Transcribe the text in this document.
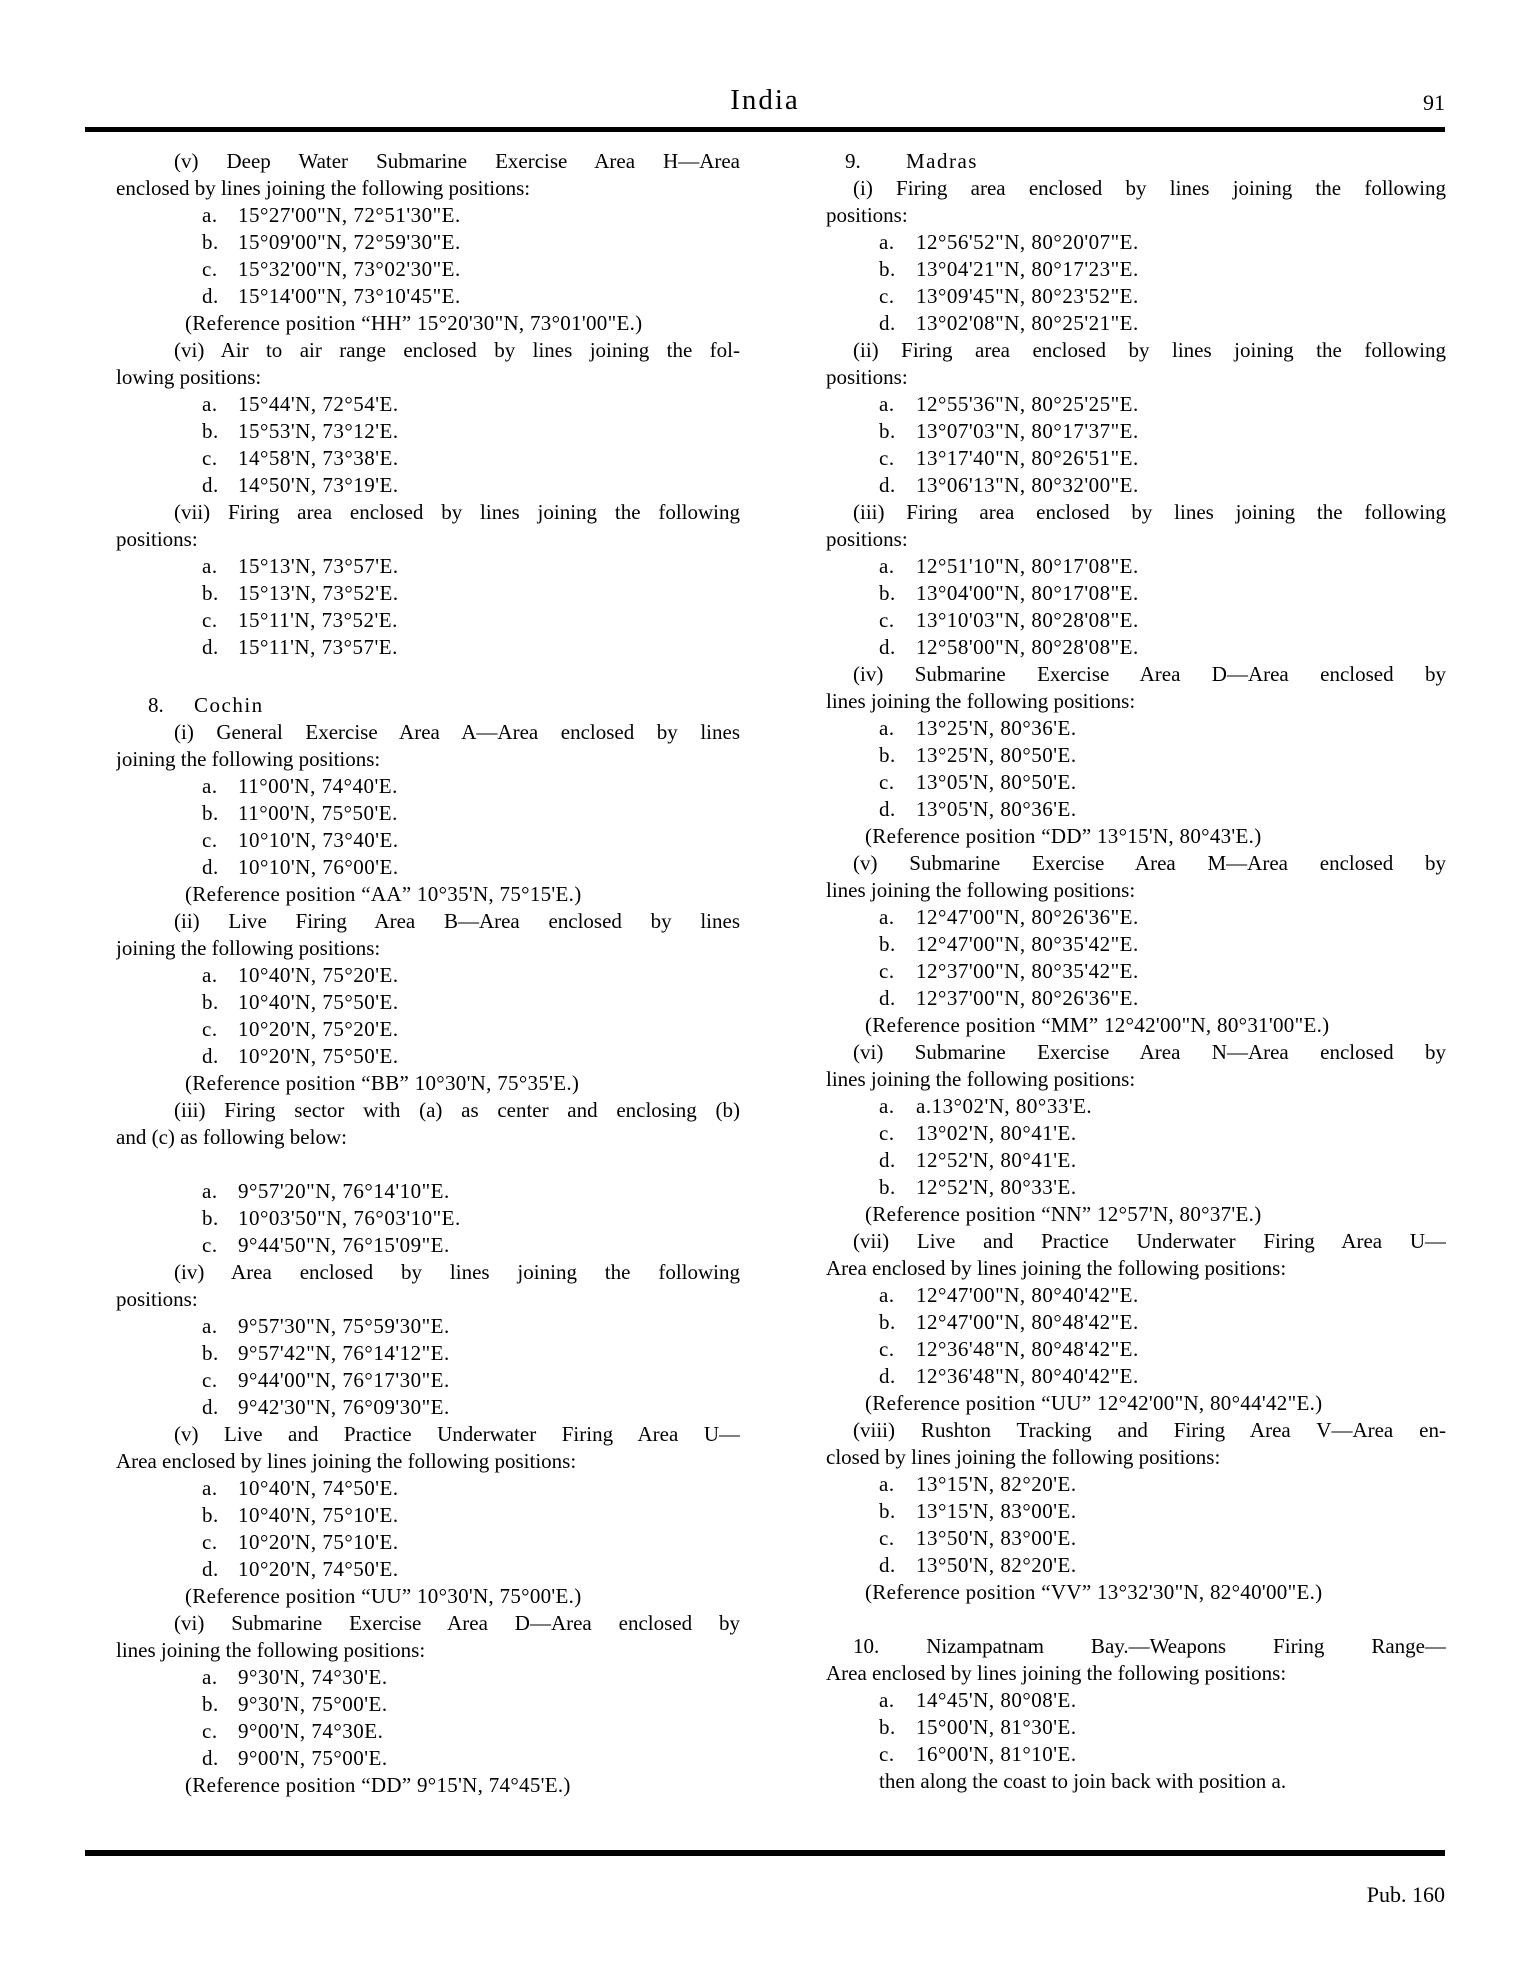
India	91
(v) Deep Water Submarine Exercise Area H—Area
enclosed by lines joining the following positions:
a. 15°27'00"N, 72°51'30"E.
b. 15°09'00"N, 72°59'30"E.
c. 15°32'00"N, 73°02'30"E.
d. 15°14'00"N, 73°10'45"E.
(Reference position “HH” 15°20'30"N, 73°01'00"E.)
(vi) Air to air range enclosed by lines joining the fol-
lowing positions:
a. 15°44'N, 72°54'E.
b. 15°53'N, 73°12'E.
c. 14°58'N, 73°38'E.
d. 14°50'N, 73°19'E.
(vii) Firing area enclosed by lines joining the following
positions:
a. 15°13'N, 73°57'E.
b. 15°13'N, 73°52'E.
c. 15°11'N, 73°52'E.
d. 15°11'N, 73°57'E.
8.	Cochin
(i) General Exercise Area A—Area enclosed by lines
joining the following positions:
a. 11°00'N, 74°40'E.
b. 11°00'N, 75°50'E.
c. 10°10'N, 73°40'E.
d. 10°10'N, 76°00'E.
(Reference position “AA” 10°35'N, 75°15'E.)
(ii) Live Firing Area B—Area enclosed by lines
joining the following positions:
a. 10°40'N, 75°20'E.
b. 10°40'N, 75°50'E.
c. 10°20'N, 75°20'E.
d. 10°20'N, 75°50'E.
(Reference position “BB” 10°30'N, 75°35'E.)
(iii) Firing sector with (a) as center and enclosing (b)
and (c) as following below:
a. 9°57'20"N, 76°14'10"E.
b. 10°03'50"N, 76°03'10"E.
c. 9°44'50"N, 76°15'09"E.
(iv) Area enclosed by lines joining the following
positions:
a. 9°57'30"N, 75°59'30"E.
b. 9°57'42"N, 76°14'12"E.
c. 9°44'00"N, 76°17'30"E.
d. 9°42'30"N, 76°09'30"E.
(v) Live and Practice Underwater Firing Area U—
Area enclosed by lines joining the following positions:
a. 10°40'N, 74°50'E.
b. 10°40'N, 75°10'E.
c. 10°20'N, 75°10'E.
d. 10°20'N, 74°50'E.
(Reference position “UU” 10°30'N, 75°00'E.)
(vi) Submarine Exercise Area D—Area enclosed by
lines joining the following positions:
a. 9°30'N, 74°30'E.
b. 9°30'N, 75°00'E.
c. 9°00'N, 74°30E.
d. 9°00'N, 75°00'E.
(Reference position “DD” 9°15'N, 74°45'E.)
9.	Madras
(i) Firing area enclosed by lines joining the following
positions:
a.	12°56'52"N, 80°20'07"E.
b. 13°04'21"N, 80°17'23"E.
c.	13°09'45"N, 80°23'52"E.
d. 13°02'08"N, 80°25'21"E.
(ii) Firing area enclosed by lines joining the following
positions:
a.	12°55'36"N, 80°25'25"E.
b. 13°07'03"N, 80°17'37"E.
c.	13°17'40"N, 80°26'51"E.
d. 13°06'13"N, 80°32'00"E.
(iii) Firing area enclosed by lines joining the following
positions:
a.	12°51'10"N, 80°17'08"E.
b. 13°04'00"N, 80°17'08"E.
c.	13°10'03"N, 80°28'08"E.
d. 12°58'00"N, 80°28'08"E.
(iv) Submarine Exercise Area D—Area enclosed by
lines joining the following positions:
a.	13°25'N, 80°36'E.
b. 13°25'N, 80°50'E.
c.	13°05'N, 80°50'E.
d. 13°05'N, 80°36'E.
(Reference position “DD” 13°15'N, 80°43'E.)
(v) Submarine Exercise Area M—Area enclosed by
lines joining the following positions:
a.	12°47'00"N, 80°26'36"E.
b. 12°47'00"N, 80°35'42"E.
c.	12°37'00"N, 80°35'42"E.
d. 12°37'00"N, 80°26'36"E.
(Reference position “MM” 12°42'00"N, 80°31'00"E.)
(vi) Submarine Exercise Area N—Area enclosed by
lines joining the following positions:
a.	a.13°02'N, 80°33'E.
c.	13°02'N, 80°41'E.
d. 12°52'N, 80°41'E.
b. 12°52'N, 80°33'E.
(Reference position “NN” 12°57'N, 80°37'E.)
(vii) Live and Practice Underwater Firing Area U—
Area enclosed by lines joining the following positions:
a.	12°47'00"N, 80°40'42"E.
b. 12°47'00"N, 80°48'42"E.
c.	12°36'48"N, 80°48'42"E.
d. 12°36'48"N, 80°40'42"E.
(Reference position “UU” 12°42'00"N, 80°44'42"E.)
(viii) Rushton Tracking and Firing Area V—Area en-
closed by lines joining the following positions:
a.	13°15'N, 82°20'E.
b. 13°15'N, 83°00'E.
c.	13°50'N, 83°00'E.
d. 13°50'N, 82°20'E.
(Reference position “VV” 13°32'30"N, 82°40'00"E.)
10. Nizampatnam Bay.—Weapons Firing Range—
Area enclosed by lines joining the following positions:
a.	14°45'N, 80°08'E.
b. 15°00'N, 81°30'E.
c.	16°00'N, 81°10'E.
then along the coast to join back with position a.
Pub. 160
